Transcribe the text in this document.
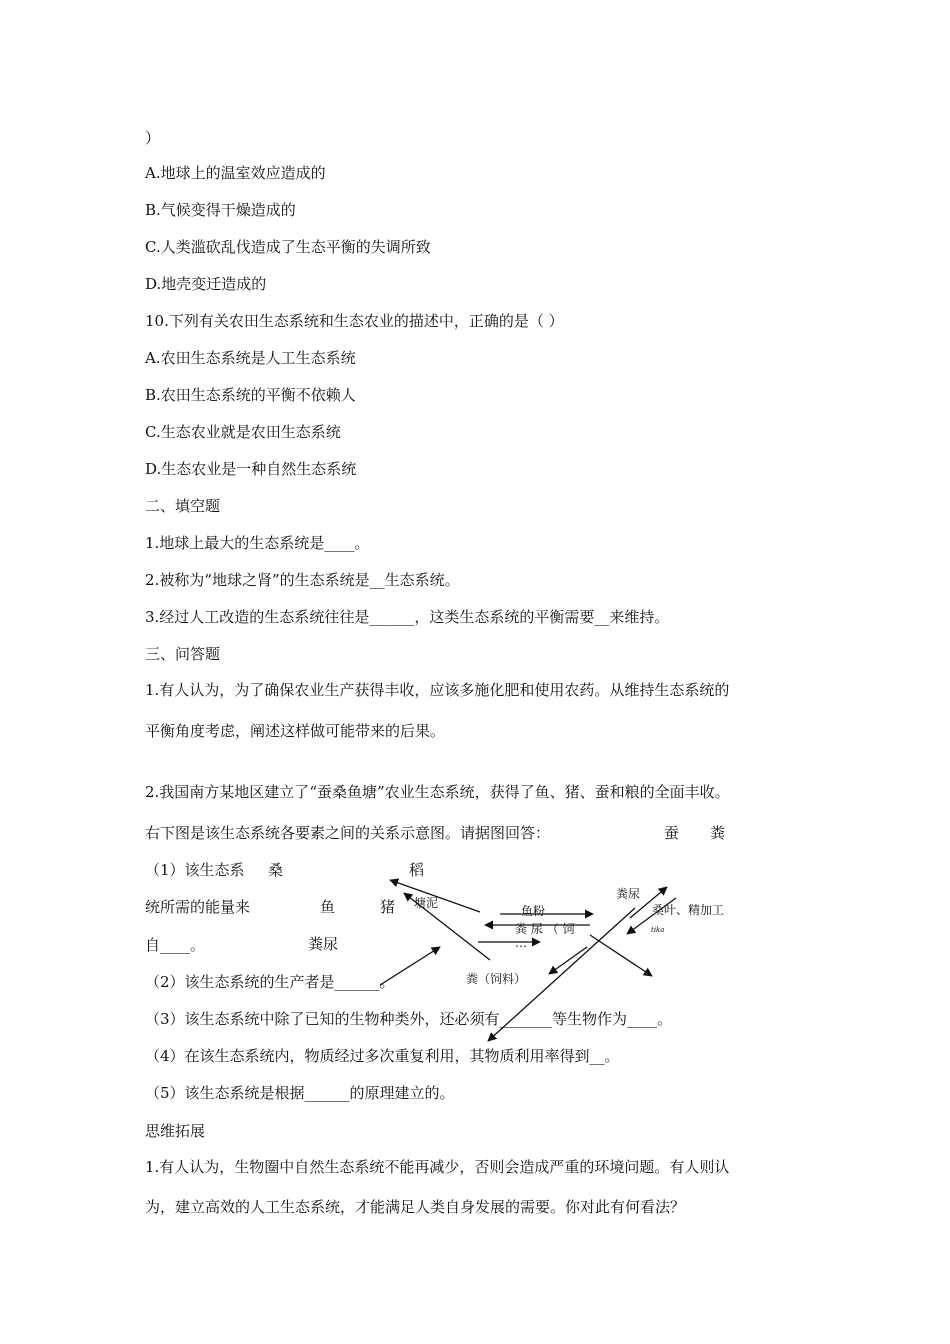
）
A.地球上的温室效应造成的
B.气候变得干燥造成的
C.人类滥砍乱伐造成了生态平衡的失调所致
D.地壳变迁造成的
10.下列有关农田生态系统和生态农业的描述中，正确的是（ ）
A.农田生态系统是人工生态系统
B.农田生态系统的平衡不依赖人
C.生态农业就是农田生态系统
D.生态农业是一种自然生态系统
二、填空题
1.地球上最大的生态系统是____。
2.被称为“地球之肾”的生态系统是__生态系统。
3.经过人工改造的生态系统往往是______，这类生态系统的平衡需要__来维持。
三、问答题
1.有人认为，为了确保农业生产获得丰收，应该多施化肥和使用农药。从维持生态系统的
平衡角度考虑，阐述这样做可能带来的后果。
2.我国南方某地区建立了“蚕桑鱼塘”农业生态系统，获得了鱼、猪、蚕和粮的全面丰收。
右下图是该生态系统各要素之间的关系示意图。请据图回答：
（1）该生态系
统所需的能量来
自____。
（2）该生态系统的生产者是______。
（3）该生态系统中除了已知的生物种类外，还必须有_______等生物作为____。
（4）在该生态系统内，物质经过多次重复利用，其物质利用率得到__。
（5）该生态系统是根据______的原理建立的。
思维拓展
1.有人认为，生物圈中自然生态系统不能再减少，否则会造成严重的环境问题。有人则认
为，建立高效的人工生态系统，才能满足人类自身发展的需要。你对此有何看法？
蚕 粪
桑	稻
鱼	猪 塘泥
鱼粉
粪 尿 （ 饲
…
粪尿
桑叶、精加工
tika
粪尿
粪（饲料）
